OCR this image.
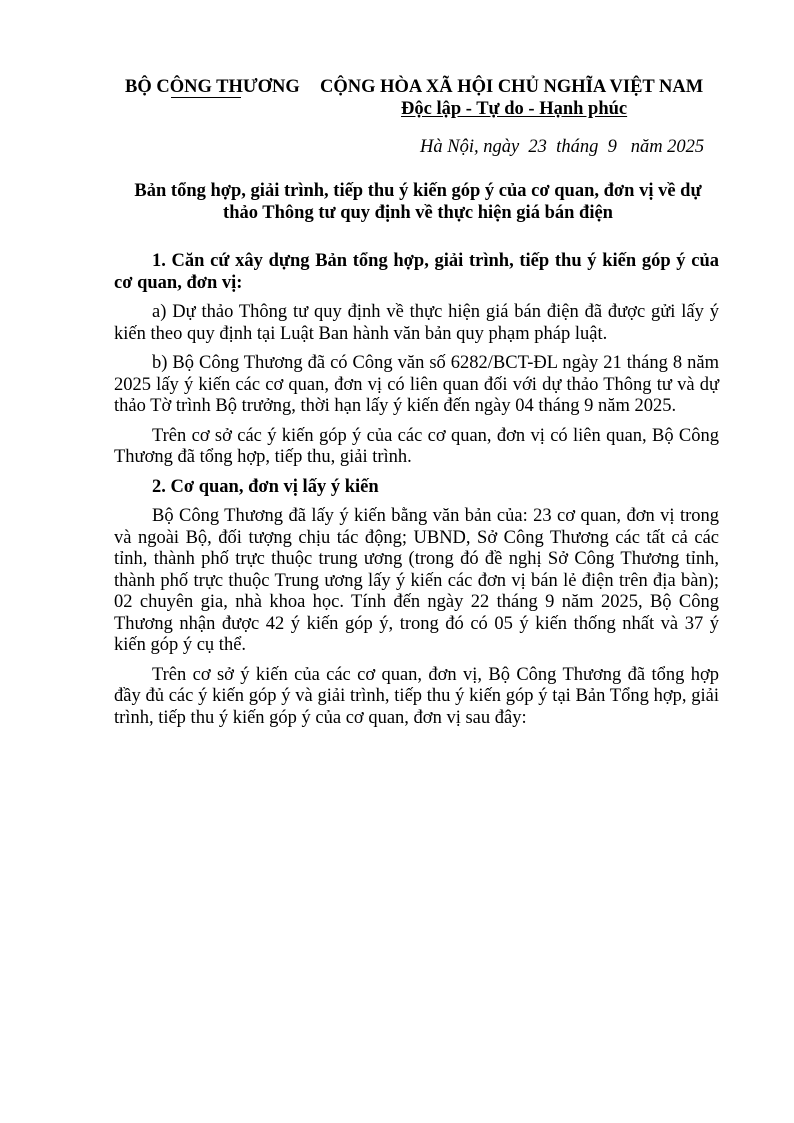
BỘ CÔNG THƯƠNG CỘNG HÒA XÃ HỘI CHỦ NGHĨA VIỆT NAM
Độc lập - Tự do - Hạnh phúc
Hà Nội, ngày  23  tháng  9   năm 2025
Bản tổng hợp, giải trình, tiếp thu ý kiến góp ý của cơ quan, đơn vị về dự thảo Thông tư quy định về thực hiện giá bán điện

1. Căn cứ xây dựng Bản tổng hợp, giải trình, tiếp thu ý kiến góp ý của cơ quan, đơn vị:

a) Dự thảo Thông tư quy định về thực hiện giá bán điện đã được gửi lấy ý kiến theo quy định tại Luật Ban hành văn bản quy phạm pháp luật.

b) Bộ Công Thương đã có Công văn số 6282/BCT-ĐL ngày 21 tháng 8 năm 2025 lấy ý kiến các cơ quan, đơn vị có liên quan đối với dự thảo Thông tư và dự thảo Tờ trình Bộ trưởng, thời hạn lấy ý kiến đến ngày 04 tháng 9 năm 2025.

Trên cơ sở các ý kiến góp ý của các cơ quan, đơn vị có liên quan, Bộ Công Thương đã tổng hợp, tiếp thu, giải trình.

2. Cơ quan, đơn vị lấy ý kiến

Bộ Công Thương đã lấy ý kiến bằng văn bản của: 23 cơ quan, đơn vị trong và ngoài Bộ, đối tượng chịu tác động; UBND, Sở Công Thương các tất cả các tỉnh, thành phố trực thuộc trung ương (trong đó đề nghị Sở Công Thương tỉnh, thành phố trực thuộc Trung ương lấy ý kiến các đơn vị bán lẻ điện trên địa bàn); 02 chuyên gia, nhà khoa học. Tính đến ngày 22 tháng 9 năm 2025, Bộ Công Thương nhận được 42 ý kiến góp ý, trong đó có 05 ý kiến thống nhất và 37 ý kiến góp ý cụ thể.

Trên cơ sở ý kiến của các cơ quan, đơn vị, Bộ Công Thương đã tổng hợp đầy đủ các ý kiến góp ý và giải trình, tiếp thu ý kiến góp ý tại Bản Tổng hợp, giải trình, tiếp thu ý kiến góp ý của cơ quan, đơn vị sau đây:
